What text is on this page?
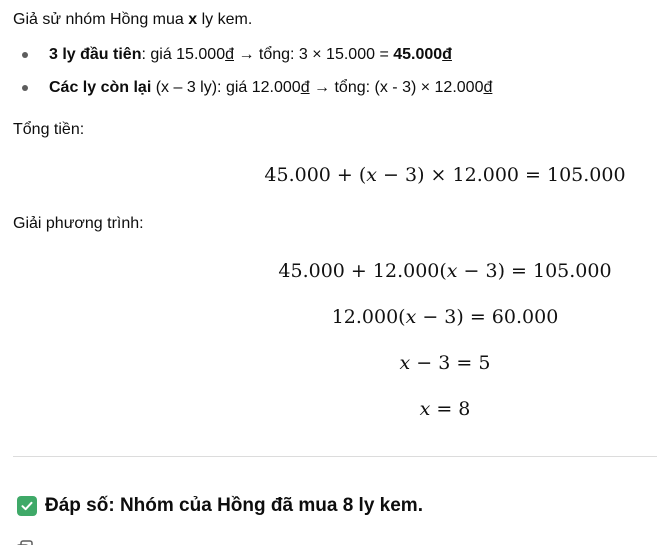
Giả sử nhóm Hồng mua x ly kem.

3 ly đầu tiên: giá 15.000đ → tổng: 3 × 15.000 = 45.000đ
Các ly còn lại (x – 3 ly): giá 12.000đ → tổng: (x - 3) × 12.000đ

Tổng tiền:

45.000 + (𝑥 − 3) × 12.000 = 105.000

Giải phương trình:

45.000 + 12.000(𝑥 − 3) = 105.000
12.000(𝑥 − 3) = 60.000
𝑥 − 3 = 5
𝑥 = 8
Đáp số: Nhóm của Hồng đã mua 8 ly kem.
